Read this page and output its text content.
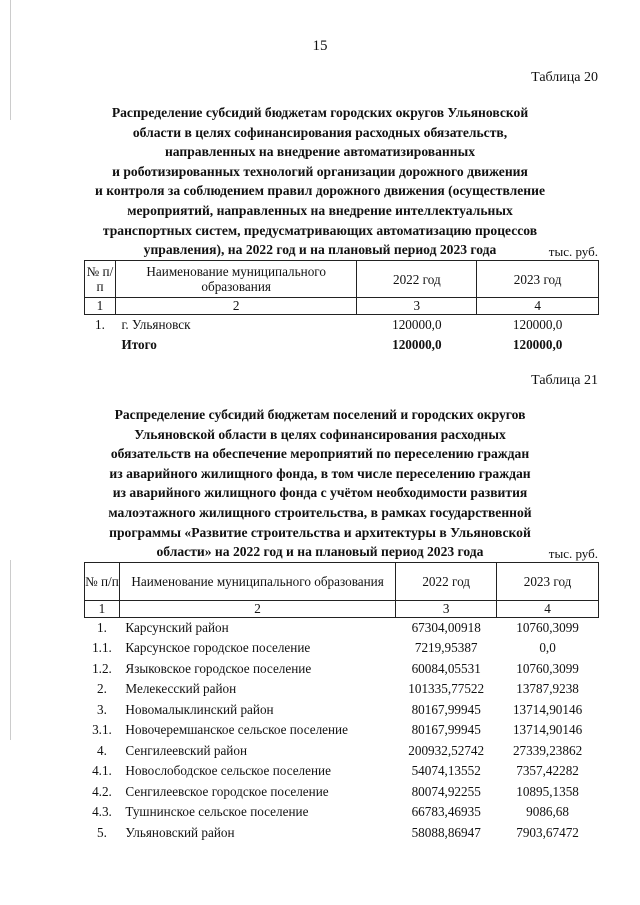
15
Таблица 20
Распределение субсидий бюджетам городских округов Ульяновской
области в целях софинансирования расходных обязательств,
направленных на внедрение автоматизированных
и роботизированных технологий организации дорожного движения
и контроля за соблюдением правил дорожного движения (осуществление
мероприятий, направленных на внедрение интеллектуальных
транспортных систем, предусматривающих автоматизацию процессов
управления), на 2022 год и на плановый период 2023 года	тыс. руб.
№ п/п	Наименование муниципального образования	2022 год	2023 год
1	2	3	4
1.	г. Ульяновск	120000,0	120000,0
	Итого	120000,0	120000,0
Таблица 21
Распределение субсидий бюджетам поселений и городских округов
Ульяновской области в целях софинансирования расходных
обязательств на обеспечение мероприятий по переселению граждан
из аварийного жилищного фонда, в том числе переселению граждан
из аварийного жилищного фонда с учётом необходимости развития
малоэтажного жилищного строительства, в рамках государственной
программы «Развитие строительства и архитектуры в Ульяновской
области» на 2022 год и на плановый период 2023 года	тыс. руб.
№ п/п	Наименование муниципального образования	2022 год	2023 год
1	2	3	4
1.	Карсунский район	67304,00918	10760,3099
1.1.	Карсунское городское поселение	7219,95387	0,0
1.2.	Языковское городское поселение	60084,05531	10760,3099
2.	Мелекесский район	101335,77522	13787,9238
3.	Новомалыклинский район	80167,99945	13714,90146
3.1.	Новочеремшанское сельское поселение	80167,99945	13714,90146
4.	Сенгилеевский район	200932,52742	27339,23862
4.1.	Новослободское сельское поселение	54074,13552	7357,42282
4.2.	Сенгилеевское городское поселение	80074,92255	10895,1358
4.3.	Тушнинское сельское поселение	66783,46935	9086,68
5.	Ульяновский район	58088,86947	7903,67472
